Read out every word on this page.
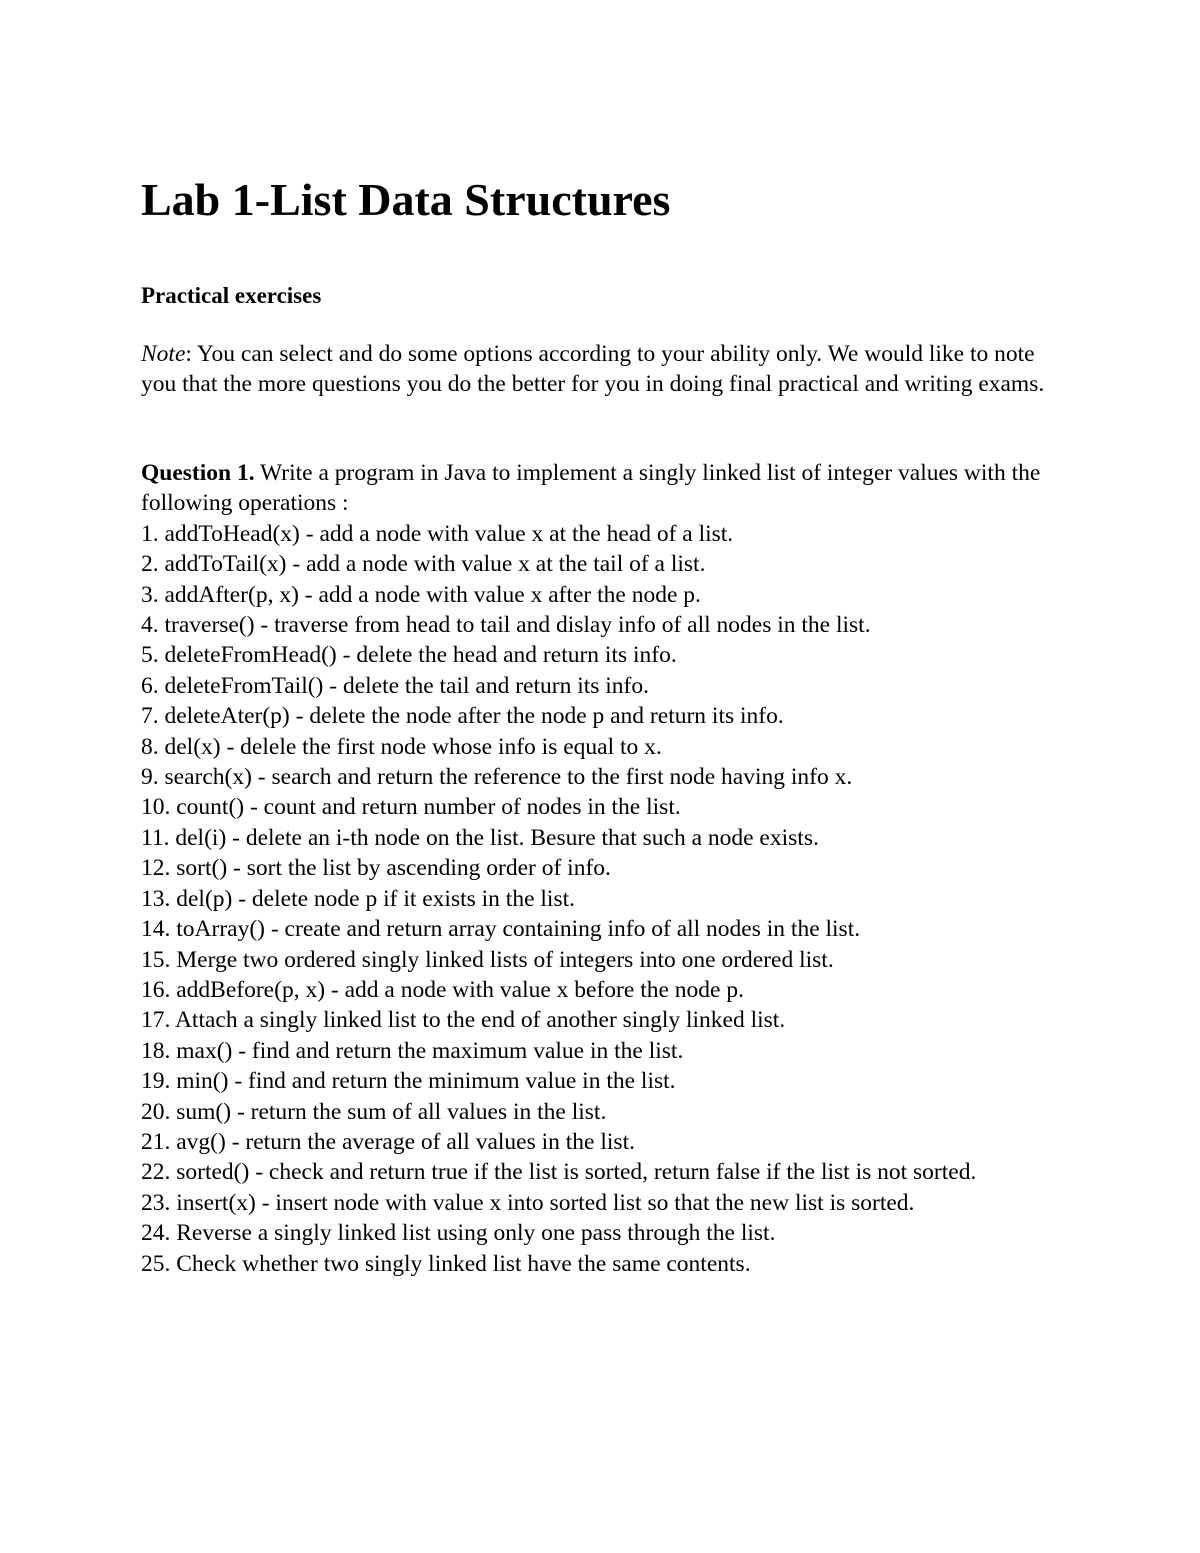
Lab 1-List Data Structures
Practical exercises

Note: You can select and do some options according to your ability only. We would like to note you that the more questions you do the better for you in doing final practical and writing exams.

Question 1. Write a program in Java to implement a singly linked list of integer values with the following operations :

1. addToHead(x) - add a node with value x at the head of a list.
2. addToTail(x) - add a node with value x at the tail of a list.
3. addAfter(p, x) - add a node with value x after the node p.
4. traverse() - traverse from head to tail and dislay info of all nodes in the list.
5. deleteFromHead() - delete the head and return its info.
6. deleteFromTail() - delete the tail and return its info.
7. deleteAter(p) - delete the node after the node p and return its info.
8. del(x) - delele the first node whose info is equal to x.
9. search(x) - search and return the reference to the first node having info x.
10. count() - count and return number of nodes in the list.
11. del(i) - delete an i-th node on the list. Besure that such a node exists.
12. sort() - sort the list by ascending order of info.
13. del(p) - delete node p if it exists in the list.
14. toArray() - create and return array containing info of all nodes in the list.
15. Merge two ordered singly linked lists of integers into one ordered list.
16. addBefore(p, x) - add a node with value x before the node p.
17. Attach a singly linked list to the end of another singly linked list.
18. max() - find and return the maximum value in the list.
19. min() - find and return the minimum value in the list.
20. sum() - return the sum of all values in the list.
21. avg() - return the average of all values in the list.
22. sorted() - check and return true if the list is sorted, return false if the list is not sorted.
23. insert(x) - insert node with value x into sorted list so that the new list is sorted.
24. Reverse a singly linked list using only one pass through the list.
25. Check whether two singly linked list have the same contents.
